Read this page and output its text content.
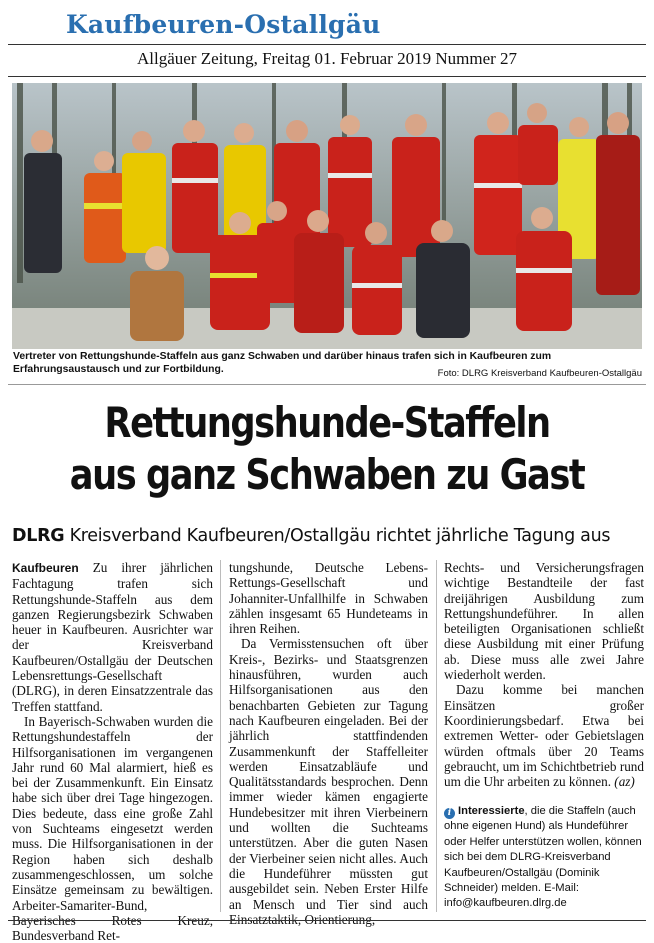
Kaufbeuren-Ostallgäu
Allgäuer Zeitung, Freitag 01. Februar 2019 Nummer 27
Vertreter von Rettungshunde-Staffeln aus ganz Schwaben und darüber hinaus trafen sich in Kaufbeuren zum Erfahrungsaustausch und zur Fortbildung.	Foto: DLRG Kreisverband Kaufbeuren-Ostallgäu
Rettungshunde-Staffeln
aus ganz Schwaben zu Gast
DLRG Kreisverband Kaufbeuren/Ostallgäu richtet jährliche Tagung aus

Kaufbeuren Zu ihrer jährlichen Fachtagung trafen sich Rettungshunde-Staffeln aus dem ganzen Regierungsbezirk Schwaben heuer in Kaufbeuren. Ausrichter war der Kreisverband Kaufbeuren/Ostallgäu der Deutschen Lebensrettungs-Gesellschaft (DLRG), in deren Einsatzzentrale das Treffen stattfand.

In Bayerisch-Schwaben wurden die Rettungshundestaffeln der Hilfsorganisationen im vergangenen Jahr rund 60 Mal alarmiert, hieß es bei der Zusammenkunft. Ein Einsatz habe sich über drei Tage hingezogen. Dies bedeute, dass eine große Zahl von Suchteams eingesetzt werden muss. Die Hilfsorganisationen in der Region haben sich deshalb zusammengeschlossen, um solche Einsätze gemeinsam zu bewältigen. Arbeiter-Samariter-Bund, Bayerisches Rotes Kreuz, Bundesverband Ret-

tungshunde, Deutsche Lebens-Rettungs-Gesellschaft und Johanniter-Unfallhilfe in Schwaben zählen insgesamt 65 Hundeteams in ihren Reihen.

Da Vermisstensuchen oft über Kreis-, Bezirks- und Staatsgrenzen hinausführen, wurden auch Hilfsorganisationen aus den benachbarten Gebieten zur Tagung nach Kaufbeuren eingeladen. Bei der jährlich stattfindenden Zusammenkunft der Staffelleiter werden Einsatzabläufe und Qualitätsstandards besprochen. Denn immer wieder kämen engagierte Hundebesitzer mit ihren Vierbeinern und wollten die Suchteams unterstützen. Aber die guten Nasen der Vierbeiner seien nicht alles. Auch die Hundeführer müssten gut ausgebildet sein. Neben Erster Hilfe an Mensch und Tier sind auch Einsatztaktik, Orientierung,

Rechts- und Versicherungsfragen wichtige Bestandteile der fast dreijährigen Ausbildung zum Rettungshundeführer. In allen beteiligten Organisationen schließt diese Ausbildung mit einer Prüfung ab. Diese muss alle zwei Jahre wiederholt werden.

Dazu komme bei manchen Einsätzen großer Koordinierungsbedarf. Etwa bei extremen Wetter- oder Gebietslagen würden oftmals über 20 Teams gebraucht, um im Schichtbetrieb rund um die Uhr arbeiten zu können. (az)

i Interessierte, die die Staffeln (auch ohne eigenen Hund) als Hundeführer oder Helfer unterstützen wollen, können sich bei dem DLRG-Kreisverband Kaufbeuren/Ostallgäu (Dominik Schneider) melden. E-Mail: info@kaufbeuren.dlrg.de
